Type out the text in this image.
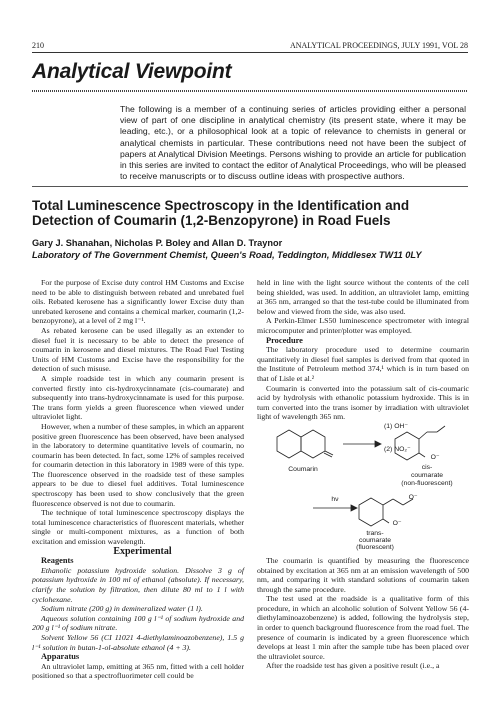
210	ANALYTICAL PROCEEDINGS, JULY 1991, VOL 28
Analytical Viewpoint
The following is a member of a continuing series of articles providing either a personal view of part of one discipline in analytical chemistry (its present state, where it may be leading, etc.), or a philosophical look at a topic of relevance to chemists in general or analytical chemists in particular. These contributions need not have been the subject of papers at Analytical Division Meetings. Persons wishing to provide an article for publication in this series are invited to contact the editor of Analytical Proceedings, who will be pleased to receive manuscripts or to discuss outline ideas with prospective authors.
Total Luminescence Spectroscopy in the Identification and Detection of Coumarin (1,2-Benzopyrone) in Road Fuels
Gary J. Shanahan, Nicholas P. Boley and Allan D. Traynor
Laboratory of The Government Chemist, Queen's Road, Teddington, Middlesex TW11 0LY

For the purpose of Excise duty control HM Customs and Excise need to be able to distinguish between rebated and unrebated fuel oils. Rebated kerosene has a significantly lower Excise duty than unrebated kerosene and contains a chemical marker, coumarin (1,2-benzopyrone), at a level of 2 mg l⁻¹.

As rebated kerosene can be used illegally as an extender to diesel fuel it is necessary to be able to detect the presence of coumarin in kerosene and diesel mixtures. The Road Fuel Testing Units of HM Customs and Excise have the responsibility for the detection of such misuse.

A simple roadside test in which any coumarin present is converted firstly into cis-hydroxycinnamate (cis-coumarate) and subsequently into trans-hydroxycinnamate is used for this purpose. The trans form yields a green fluorescence when viewed under ultraviolet light.

However, when a number of these samples, in which an apparent positive green fluorescence has been observed, have been analysed in the laboratory to determine quantitative levels of coumarin, no coumarin has been detected. In fact, some 12% of samples received for coumarin detection in this laboratory in 1989 were of this type. The fluorescence observed in the roadside test of these samples appears to be due to diesel fuel additives. Total luminescence spectroscopy has been used to show conclusively that the green fluorescence observed is not due to coumarin.

The technique of total luminescence spectroscopy displays the total luminescence characteristics of fluorescent materials, whether single or multi-component mixtures, as a function of both excitation and emission wavelength.

Experimental

Reagents

Ethanolic potassium hydroxide solution. Dissolve 3 g of potassium hydroxide in 100 ml of ethanol (absolute). If necessary, clarify the solution by filtration, then dilute 80 ml to 1 l with cyclohexane.

Sodium nitrate (200 g) in demineralized water (1 l).

Aqueous solution containing 100 g l⁻¹ of sodium hydroxide and 200 g l⁻¹ of sodium nitrate.

Solvent Yellow 56 (CI 11021 4-diethylaminoazobenzene), 1.5 g l⁻¹ solution in butan-1-ol-absolute ethanol (4 + 3).

Apparatus

An ultraviolet lamp, emitting at 365 nm, fitted with a cell holder positioned so that a spectrofluorimeter cell could be

held in line with the light source without the contents of the cell being shielded, was used. In addition, an ultraviolet lamp, emitting at 365 nm, arranged so that the test-tube could be illuminated from below and viewed from the side, was also used.

A Perkin-Elmer LS50 luminescence spectrometer with integral microcomputer and printer/plotter was employed.

Procedure

The laboratory procedure used to determine coumarin quantitatively in diesel fuel samples is derived from that quoted in the Institute of Petroleum method 374,¹ which is in turn based on that of Lisle et al.²

Coumarin is converted into the potassium salt of cis-coumaric acid by hydrolysis with ethanolic potassium hydroxide. This is in turn converted into the trans isomer by irradiation with ultraviolet light of wavelength 365 nm.

(1) OH⁻
(2) NO₂⁻
Coumarin	cis-
coumarate
(non-fluorescent)
hν
O⁻
O⁻
O⁻
trans-
coumarate
(fluorescent)

The coumarin is quantified by measuring the fluorescence obtained by excitation at 365 nm at an emission wavelength of 500 nm, and comparing it with standard solutions of coumarin taken through the same procedure.

The test used at the roadside is a qualitative form of this procedure, in which an alcoholic solution of Solvent Yellow 56 (4-diethylaminoazobenzene) is added, following the hydrolysis step, in order to quench background fluorescence from the road fuel. The presence of coumarin is indicated by a green fluorescence which develops at least 1 min after the sample tube has been placed over the ultraviolet source.

After the roadside test has given a positive result (i.e., a
